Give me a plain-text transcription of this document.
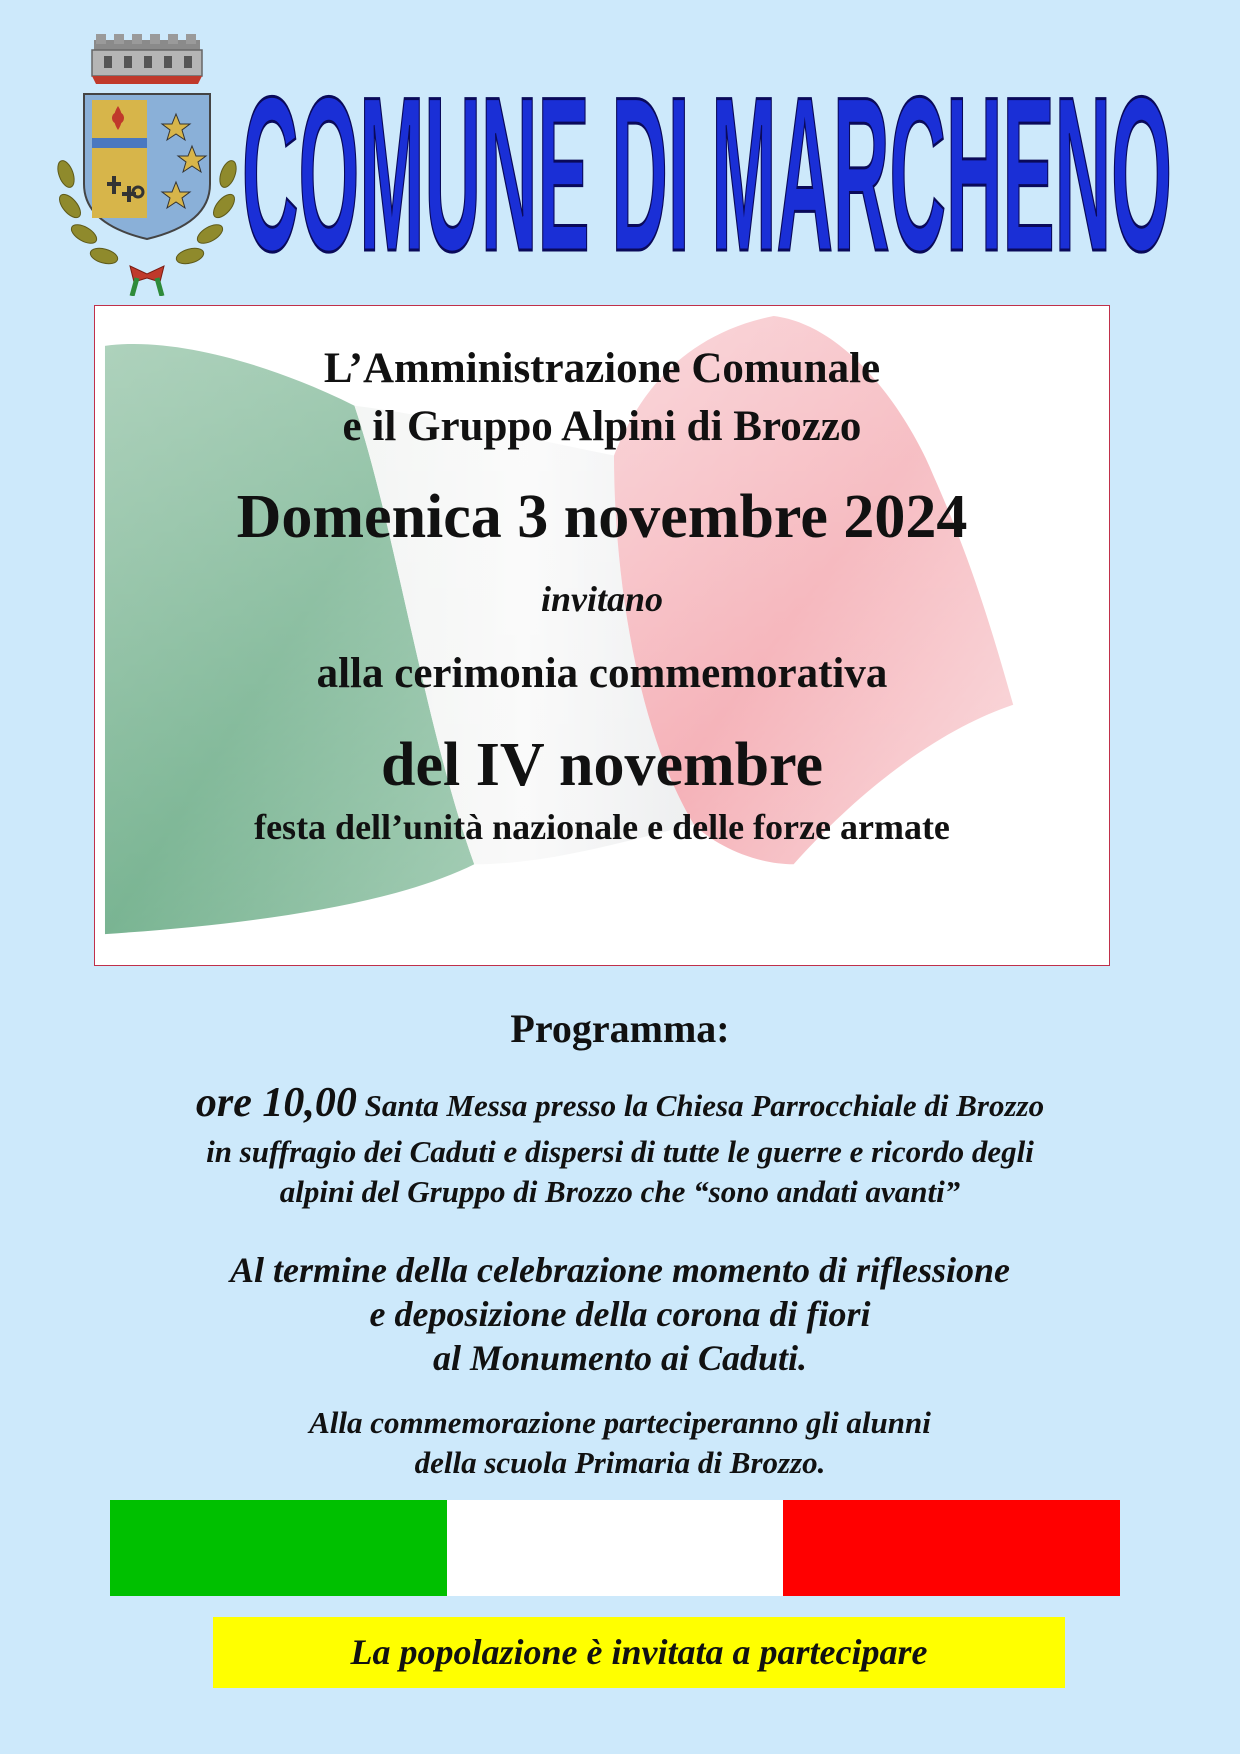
COMUNE DI MARCHENO
L’Amministrazione Comunale
e il Gruppo Alpini di Brozzo
Domenica 3 novembre 2024
invitano
alla cerimonia commemorativa
del IV novembre
festa dell’unità nazionale e delle forze armate
Programma:
ore 10,00 Santa Messa presso la Chiesa Parrocchiale di Brozzo
in suffragio dei Caduti e dispersi di tutte le guerre e ricordo degli
alpini del Gruppo di Brozzo che “sono andati avanti”
Al termine della celebrazione momento di riflessione
e deposizione della corona di fiori
al Monumento ai Caduti.
Alla commemorazione parteciperanno gli alunni
della scuola Primaria di Brozzo.
La popolazione è invitata a partecipare
